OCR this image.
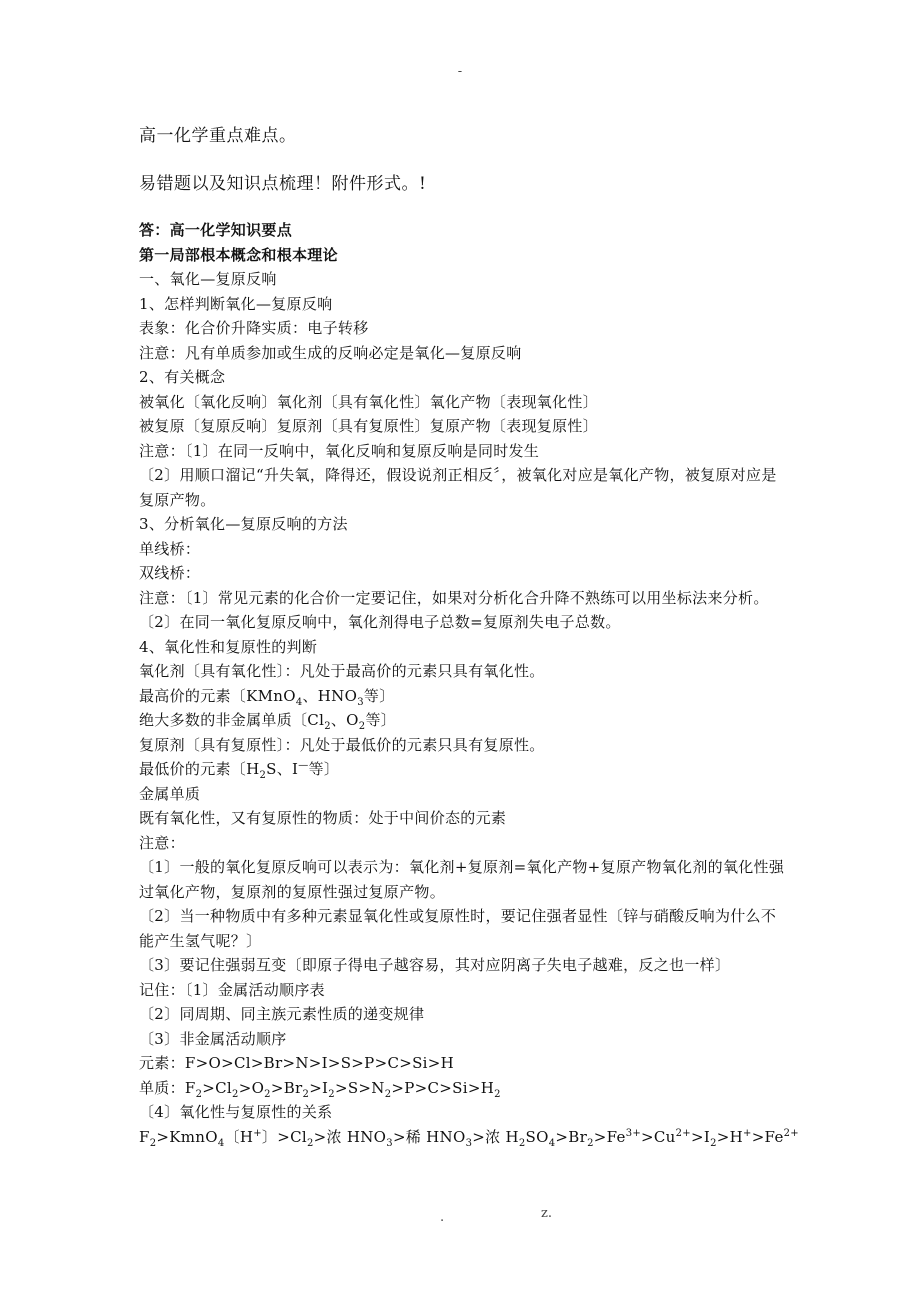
-

高一化学重点难点。

易错题以及知识点梳理！附件形式。!

答：高一化学知识要点

第一局部根本概念和根本理论

一、氧化—复原反响

1、怎样判断氧化—复原反响

表象：化合价升降实质：电子转移

注意：凡有单质参加或生成的反响必定是氧化—复原反响

2、有关概念

被氧化〔氧化反响〕氧化剂〔具有氧化性〕氧化产物〔表现氧化性〕

被复原〔复原反响〕复原剂〔具有复原性〕复原产物〔表现复原性〕

注意：〔1〕在同一反响中，氧化反响和复原反响是同时发生

〔2〕用顺口溜记“升失氧，降得还，假设说剂正相反〞，被氧化对应是氧化产物，被复原对应是复原产物。

3、分析氧化—复原反响的方法

单线桥：

双线桥：

注意：〔1〕常见元素的化合价一定要记住，如果对分析化合升降不熟练可以用坐标法来分析。

〔2〕在同一氧化复原反响中，氧化剂得电子总数=复原剂失电子总数。

4、氧化性和复原性的判断

氧化剂〔具有氧化性〕：凡处于最高价的元素只具有氧化性。

最高价的元素〔KMnO$_4$、$HNO_3$等〕

绝大多数的非金属单质〔$Cl_2$、$O_2$等〕

复原剂〔具有复原性〕：凡处于最低价的元素只具有复原性。

最低价的元素〔$H_2S$、I—等〕

金属单质

既有氧化性，又有复原性的物质：处于中间价态的元素

注意：

〔1〕一般的氧化复原反响可以表示为：氧化剂+复原剂=氧化产物+复原产物氧化剂的氧化性强过氧化产物，复原剂的复原性强过复原产物。

〔2〕当一种物质中有多种元素显氧化性或复原性时，要记住强者显性〔锌与硝酸反响为什么不能产生氢气呢？〕

〔3〕要记住强弱互变〔即原子得电子越容易，其对应阴离子失电子越难，反之也一样〕

记住：〔1〕金属活动顺序表

〔2〕同周期、同主族元素性质的递变规律

〔3〕非金属活动顺序

元素：F>O>Cl>Br>N>I>S>P>C>Si>H

单质：$F_2>Cl_2>O_2>Br_2>I_2>S>N_2>P>C>Si>H_2$

〔4〕氧化性与复原性的关系

$F_2>KmnO_4$〔H+〕$>Cl_2>$浓 $HNO_3>$稀 $HNO_3>$浓 $H_2SO_4>Br_2>Fe^{3+}>Cu^{2+}>I_2>H^+>Fe^{2+}$

.	z.
